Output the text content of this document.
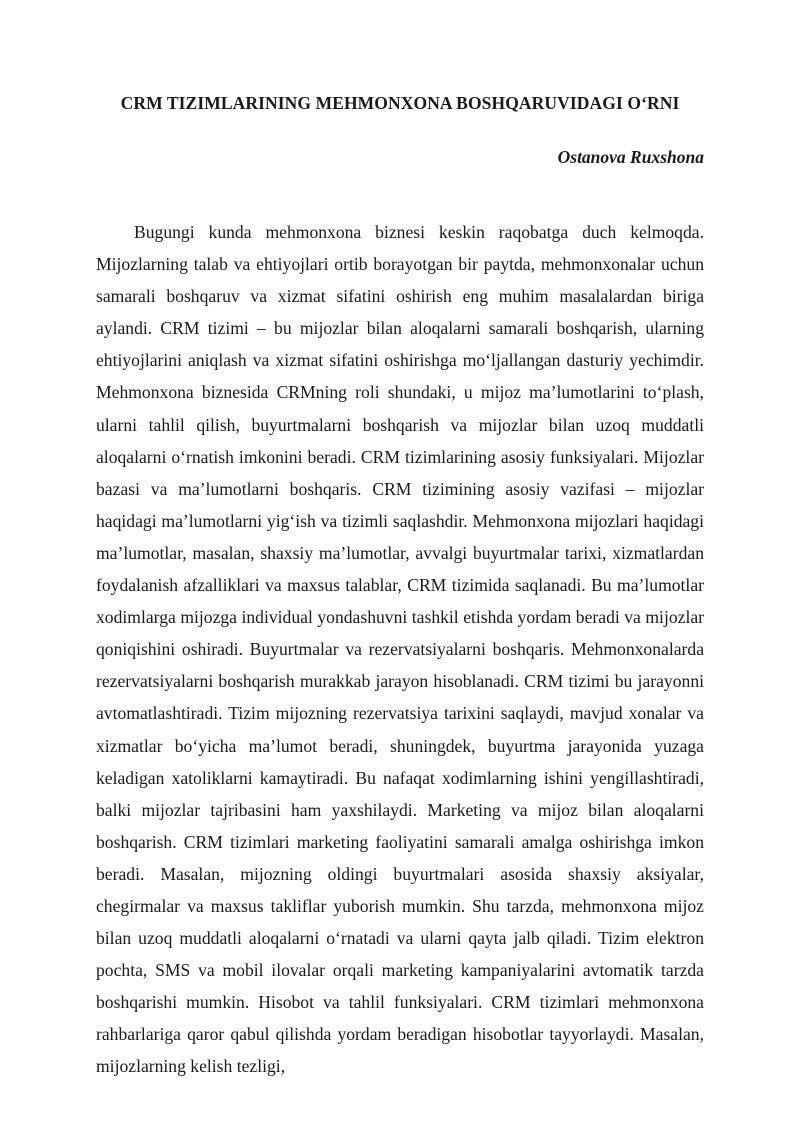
CRM TIZIMLARINING MEHMONXONA BOSHQARUVIDAGI O‘RNI

Ostanova Ruxshona

Bugungi kunda mehmonxona biznesi keskin raqobatga duch kelmoqda. Mijozlarning talab va ehtiyojlari ortib borayotgan bir paytda, mehmonxonalar uchun samarali boshqaruv va xizmat sifatini oshirish eng muhim masalalardan biriga aylandi. CRM tizimi – bu mijozlar bilan aloqalarni samarali boshqarish, ularning ehtiyojlarini aniqlash va xizmat sifatini oshirishga mo‘ljallangan dasturiy yechimdir. Mehmonxona biznesida CRMning roli shundaki, u mijoz ma’lumotlarini to‘plash, ularni tahlil qilish, buyurtmalarni boshqarish va mijozlar bilan uzoq muddatli aloqalarni o‘rnatish imkonini beradi. CRM tizimlarining asosiy funksiyalari. Mijozlar bazasi va ma’lumotlarni boshqaris. CRM tizimining asosiy vazifasi – mijozlar haqidagi ma’lumotlarni yig‘ish va tizimli saqlashdir. Mehmonxona mijozlari haqidagi ma’lumotlar, masalan, shaxsiy ma’lumotlar, avvalgi buyurtmalar tarixi, xizmatlardan foydalanish afzalliklari va maxsus talablar, CRM tizimida saqlanadi. Bu ma’lumotlar xodimlarga mijozga individual yondashuvni tashkil etishda yordam beradi va mijozlar qoniqishini oshiradi. Buyurtmalar va rezervatsiyalarni boshqaris. Mehmonxonalarda rezervatsiyalarni boshqarish murakkab jarayon hisoblanadi. CRM tizimi bu jarayonni avtomatlashtiradi. Tizim mijozning rezervatsiya tarixini saqlaydi, mavjud xonalar va xizmatlar bo‘yicha ma’lumot beradi, shuningdek, buyurtma jarayonida yuzaga keladigan xatoliklarni kamaytiradi. Bu nafaqat xodimlarning ishini yengillashtiradi, balki mijozlar tajribasini ham yaxshilaydi. Marketing va mijoz bilan aloqalarni boshqarish. CRM tizimlari marketing faoliyatini samarali amalga oshirishga imkon beradi. Masalan, mijozning oldingi buyurtmalari asosida shaxsiy aksiyalar, chegirmalar va maxsus takliflar yuborish mumkin. Shu tarzda, mehmonxona mijoz bilan uzoq muddatli aloqalarni o‘rnatadi va ularni qayta jalb qiladi. Tizim elektron pochta, SMS va mobil ilovalar orqali marketing kampaniyalarini avtomatik tarzda boshqarishi mumkin. Hisobot va tahlil funksiyalari. CRM tizimlari mehmonxona rahbarlariga qaror qabul qilishda yordam beradigan hisobotlar tayyorlaydi. Masalan, mijozlarning kelish tezligi,
